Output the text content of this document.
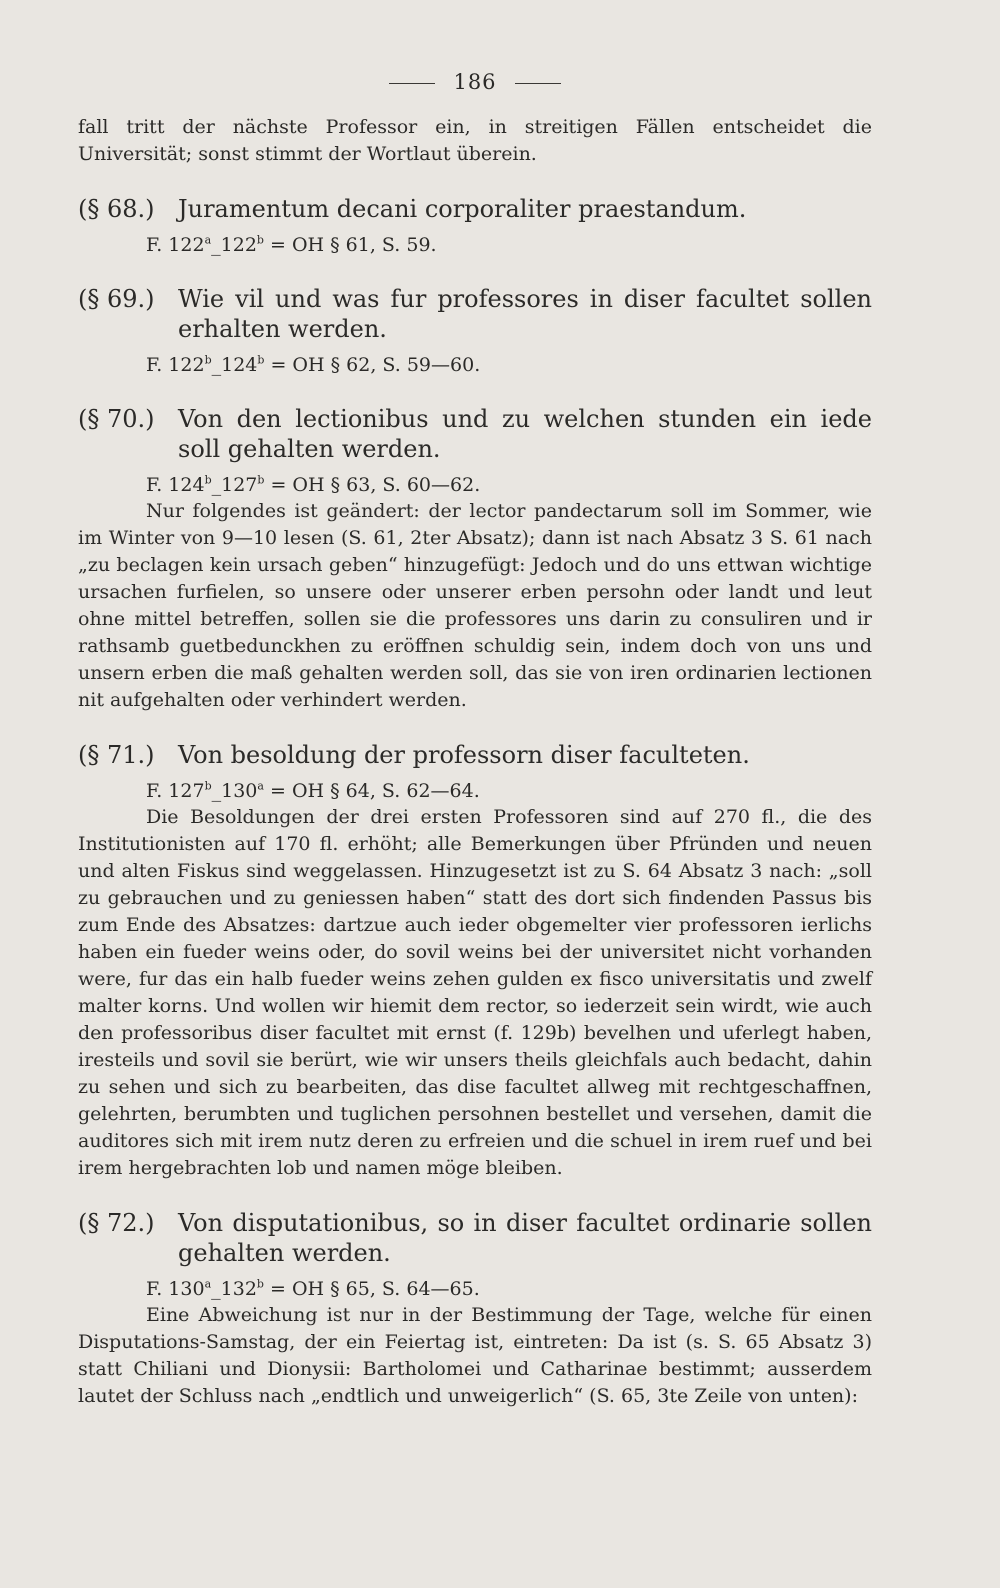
186

fall tritt der nächste Professor ein, in streitigen Fällen entscheidet die Universität; sonst stimmt der Wortlaut überein.

(§ 68.) Juramentum decani corporaliter praestandum.
F. $122^a\_122^b$ = OH § 61, S. 59.
(§ 69.) Wie vil und was fur professores in diser facultet sollen erhalten werden.
F. $122^b\_124^b$ = OH § 62, S. 59—60.
(§ 70.) Von den lectionibus und zu welchen stunden ein iede soll gehalten werden.
F. $124^b\_127^b$ = OH § 63, S. 60—62.

Nur folgendes ist geändert: der lector pandectarum soll im Sommer, wie im Winter von 9—10 lesen (S. 61, 2ter Absatz); dann ist nach Absatz 3 S. 61 nach „zu beclagen kein ursach geben“ hinzugefügt: Jedoch und do uns ettwan wichtige ursachen furfielen, so unsere oder unserer erben persohn oder landt und leut ohne mittel betreffen, sollen sie die professores uns darin zu consuliren und ir rathsamb guetbedunckhen zu eröffnen schuldig sein, indem doch von uns und unsern erben die maß gehalten werden soll, das sie von iren ordinarien lectionen nit aufgehalten oder verhindert werden.

(§ 71.) Von besoldung der professorn diser faculteten.
F. $127^b\_130^a$ = OH § 64, S. 62—64.

Die Besoldungen der drei ersten Professoren sind auf 270 fl., die des Institutionisten auf 170 fl. erhöht; alle Bemerkungen über Pfründen und neuen und alten Fiskus sind weggelassen. Hinzugesetzt ist zu S. 64 Absatz 3 nach: „soll zu gebrauchen und zu geniessen haben“ statt des dort sich findenden Passus bis zum Ende des Absatzes: dartzue auch ieder obgemelter vier professoren ierlichs haben ein fueder weins oder, do sovil weins bei der universitet nicht vorhanden were, fur das ein halb fueder weins zehen gulden ex fisco universitatis und zwelf malter korns. Und wollen wir hiemit dem rector, so iederzeit sein wirdt, wie auch den professoribus diser facultet mit ernst (f. 129b) bevelhen und uferlegt haben, iresteils und sovil sie berürt, wie wir unsers theils gleichfals auch bedacht, dahin zu sehen und sich zu bearbeiten, das dise facultet allweg mit rechtgeschaffnen, gelehrten, berumbten und tuglichen persohnen bestellet und versehen, damit die auditores sich mit irem nutz deren zu erfreien und die schuel in irem ruef und bei irem hergebrachten lob und namen möge bleiben.

(§ 72.) Von disputationibus, so in diser facultet ordinarie sollen gehalten werden.
F. $130^a\_132^b$ = OH § 65, S. 64—65.

Eine Abweichung ist nur in der Bestimmung der Tage, welche für einen Disputations-Samstag, der ein Feiertag ist, eintreten: Da ist (s. S. 65 Absatz 3) statt Chiliani und Dionysii: Bartholomei und Catharinae bestimmt; ausserdem lautet der Schluss nach „endtlich und unweigerlich“ (S. 65, 3te Zeile von unten):
